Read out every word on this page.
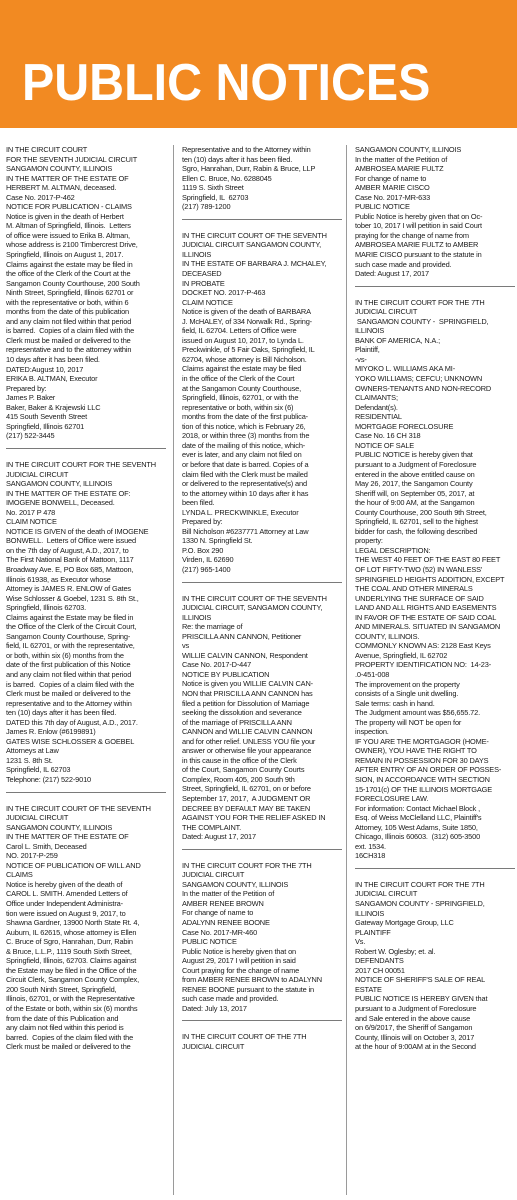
PUBLIC NOTICES

IN THE CIRCUIT COURT
FOR THE SEVENTH JUDICIAL CIRCUIT
SANGAMON COUNTY, ILLINOIS
IN THE MATTER OF THE ESTATE OF
HERBERT M. ALTMAN, deceased.
Case No. 2017-P-462
NOTICE FOR PUBLICATION - CLAIMS
Notice is given in the death of Herbert
M. Altman of Springfield, Illinois.  Letters
of office were issued to Erika B. Altman,
whose address is 2100 Timbercrest Drive,
Springfield, Illinois on August 1, 2017.
Claims against the estate may be filed in
the office of the Clerk of the Court at the
Sangamon County Courthouse, 200 South
Ninth Street, Springfield, Illinois 62701 or
with the representative or both, within 6
months from the date of this publication
and any claim not filed within that period
is barred.  Copies of a claim filed with the
Clerk must be mailed or delivered to the
representative and to the attorney within
10 days after it has been filed.
DATED:August 10, 2017
ERIKA B. ALTMAN, Executor
Prepared by:
James P. Baker
Baker, Baker & Krajewski LLC
415 South Seventh Street
Springfield, Illinois 62701
(217) 522-3445

IN THE CIRCUIT COURT FOR THE SEVENTH
JUDICIAL CIRCUIT
SANGAMON COUNTY, ILLINOIS
IN THE MATTER OF THE ESTATE OF:
IMOGENE BONWELL, Deceased.
No. 2017 P 478
CLAIM NOTICE
NOTICE IS GIVEN of the death of IMOGENE
BONWELL.  Letters of Office were issued
on the 7th day of August, A.D., 2017, to
The First National Bank of Mattoon, 1117
Broadway Ave. E, PO Box 685, Mattoon,
Illinois 61938, as Executor whose
Attorney is JAMES R. ENLOW of Gates
Wise Schlosser & Goebel, 1231 S. 8th St.,
Springfield, Illinois 62703.
Claims against the Estate may be filed in
the Office of the Clerk of the Circuit Court,
Sangamon County Courthouse, Spring-
field, IL 62701, or with the representative,
or both, within six (6) months from the
date of the first publication of this Notice
and any claim not filed within that period
is barred.  Copies of a claim filed with the
Clerk must be mailed or delivered to the
representative and to the Attorney within
ten (10) days after it has been filed.
DATED this 7th day of August, A.D., 2017.
James R. Enlow (#6199891)
GATES WISE SCHLOSSER & GOEBEL
Attorneys at Law
1231 S. 8th St.
Springfield, IL 62703
Telephone: (217) 522-9010

IN THE CIRCUIT COURT OF THE SEVENTH
JUDICIAL CIRCUIT
SANGAMON COUNTY, ILLINOIS
IN THE MATTER OF THE ESTATE OF
Carol L. Smith, Deceased
NO. 2017-P-259
NOTICE OF PUBLICATION OF WILL AND
CLAIMS
Notice is hereby given of the death of
CAROL L. SMITH. Amended Letters of
Office under Independent Administra-
tion were issued on August 9, 2017, to
Shawna Gardner, 13900 North State Rt. 4,
Auburn, IL 62615, whose attorney is Ellen
C. Bruce of Sgro, Hanrahan, Durr, Rabin
& Bruce, L.L.P., 1119 South Sixth Street,
Springfield, Illinois, 62703. Claims against
the Estate may be filed in the Office of the
Circuit Clerk, Sangamon County Complex,
200 South Ninth Street, Springfield,
Illinois, 62701, or with the Representative
of the Estate or both, within six (6) months
from the date of this Publication and
any claim not filed within this period is
barred.  Copies of the claim filed with the
Clerk must be mailed or delivered to the

Representative and to the Attorney within
ten (10) days after it has been filed.
Sgro, Hanrahan, Durr, Rabin & Bruce, LLP
Ellen C. Bruce, No. 6288045
1119 S. Sixth Street
Springfield, IL  62703
(217) 789-1200

IN THE CIRCUIT COURT OF THE SEVENTH
JUDICIAL CIRCUIT SANGAMON COUNTY,
ILLINOIS
IN THE ESTATE OF BARBARA J. MCHALEY,
DECEASED
IN PROBATE
DOCKET NO. 2017-P-463
CLAIM NOTICE
Notice is given of the death of BARBARA
J. McHALEY, of 334 Norwalk Rd., Spring-
field, IL 62704. Letters of Office were
issued on August 10, 2017, to Lynda L.
Preckwinkle, of 5 Fair Oaks, Springfield, IL
62704, whose attorney is Bill Nicholson.
Claims against the estate may be filed
in the office of the Clerk of the Court
at the Sangamon County Courthouse,
Springfield, Illinois, 62701, or with the
representative or both, within six (6)
months from the date of the first publica-
tion of this notice, which is February 26,
2018, or within three (3) months from the
date of the mailing of this notice, which-
ever is later, and any claim not filed on
or before that date is barred. Copies of a
claim filed with the Clerk must be mailed
or delivered to the representative(s) and
to the attorney within 10 days after it has
been filed.
LYNDA L. PRECKWINKLE, Executor
Prepared by:
Bill Nicholson #6237771 Attorney at Law
1330 N. Springfield St.
P.O. Box 290
Virden, IL 62690
(217) 965-1400

IN THE CIRCUIT COURT OF THE SEVENTH
JUDICIAL CIRCUIT, SANGAMON COUNTY,
ILLINOIS
Re: the marriage of
PRISCILLA ANN CANNON, Petitioner
vs
WILLIE CALVIN CANNON, Respondent
Case No. 2017-D-447
NOTICE BY PUBLICATION
Notice is given you WILLIE CALVIN CAN-
NON that PRISCILLA ANN CANNON has
filed a petition for Dissolution of Marriage
seeking the dissolution and severance
of the marriage of PRISCILLA ANN
CANNON and WILLIE CALVIN CANNON
and for other relief. UNLESS YOU file your
answer or otherwise file your appearance
in this cause in the office of the Clerk
of the Court, Sangamon County Courts
Complex, Room 405, 200 South 9th
Street, Springfield, IL 62701, on or before
September 17, 2017,  A JUDGMENT OR
DECREE BY DEFAULT MAY BE TAKEN
AGAINST YOU FOR THE RELIEF ASKED IN
THE COMPLAINT.
Dated: August 17, 2017

IN THE CIRCUIT COURT FOR THE 7TH
JUDICIAL CIRCUIT
SANGAMON COUNTY, ILLINOIS
In the matter of the Petition of
AMBER RENEE BROWN
For change of name to
ADALYNN RENEE BOONE
Case No. 2017-MR-460
PUBLIC NOTICE
Public Notice is hereby given that on
August 29, 2017 I will petition in said
Court praying for the change of name
from AMBER RENEE BROWN to ADALYNN
RENEE BOONE pursuant to the statute in
such case made and provided.
Dated: July 13, 2017

IN THE CIRCUIT COURT OF THE 7TH
JUDICIAL CIRCUIT

SANGAMON COUNTY, ILLINOIS
In the matter of the Petition of
AMBROSEA MARIE FULTZ
For change of name to
AMBER MARIE CISCO
Case No. 2017-MR-633
PUBLIC NOTICE
Public Notice is hereby given that on Oc-
tober 10, 2017 I will petition in said Court
praying for the change of name from
AMBROSEA MARIE FULTZ to AMBER
MARIE CISCO pursuant to the statute in
such case made and provided.
Dated: August 17, 2017

IN THE CIRCUIT COURT FOR THE 7TH
JUDICIAL CIRCUIT
SANGAMON COUNTY -  SPRINGFIELD,
ILLINOIS
BANK OF AMERICA, N.A.;
Plaintiff,
-vs-
MIYOKO L. WILLIAMS AKA MI-
YOKO WILLIAMS; CEFCU; UNKNOWN
OWNERS-TENANTS AND NON-RECORD
CLAIMANTS;
Defendant(s).
RESIDENTIAL
MORTGAGE FORECLOSURE
Case No. 16 CH 318
NOTICE OF SALE
PUBLIC NOTICE is hereby given that
pursuant to a Judgment of Foreclosure
entered in the above entitled cause on
May 26, 2017, the Sangamon County
Sheriff will, on September 05, 2017, at
the hour of 9:00 AM, at the Sangamon
County Courthouse, 200 South 9th Street,
Springfield, IL 62701, sell to the highest
bidder for cash, the following described
property:
LEGAL DESCRIPTION:
THE WEST 40 FEET OF THE EAST 80 FEET
OF LOT FIFTY-TWO (52) IN WANLESS'
SPRINGFIELD HEIGHTS ADDITION, EXCEPT
THE COAL AND OTHER MINERALS
UNDERLYING THE SURFACE OF SAID
LAND AND ALL RIGHTS AND EASEMENTS
IN FAVOR OF THE ESTATE OF SAID COAL
AND MINERALS. SITUATED IN SANGAMON
COUNTY, ILLINOIS.
COMMONLY KNOWN AS: 2128 East Keys
Avenue, Springfield, IL 62702
PROPERTY IDENTIFICATION NO:  14-23-
.0-451-008
The improvement on the property
consists of a Single unit dwelling.
Sale terms: cash in hand.
The Judgment amount was $56,655.72.
The property will NOT be open for
inspection.
IF YOU ARE THE MORTGAGOR (HOME-
OWNER), YOU HAVE THE RIGHT TO
REMAIN IN POSSESSION FOR 30 DAYS
AFTER ENTRY OF AN ORDER OF POSSES-
SION, IN ACCORDANCE WITH SECTION
15-1701(c) OF THE ILLINOIS MORTGAGE
FORECLOSURE LAW.
For information: Contact Michael Block ,
Esq. of Weiss McClelland LLC, Plaintiff's
Attorney, 105 West Adams, Suite 1850,
Chicago, Illinois 60603.  (312) 605-3500
ext. 1534.
16CH318

IN THE CIRCUIT COURT FOR THE 7TH
JUDICIAL CIRCUIT
SANGAMON COUNTY - SPRINGFIELD,
ILLINOIS
Gateway Mortgage Group, LLC
PLAINTIFF
Vs.
Robert W. Oglesby; et. al.
DEFENDANTS
2017 CH 00051
NOTICE OF SHERIFF'S SALE OF REAL
ESTATE
PUBLIC NOTICE IS HEREBY GIVEN that
pursuant to a Judgment of Foreclosure
and Sale entered in the above cause
on 6/9/2017, the Sheriff of Sangamon
County, Illinois will on October 3, 2017
at the hour of 9:00AM at in the Second
